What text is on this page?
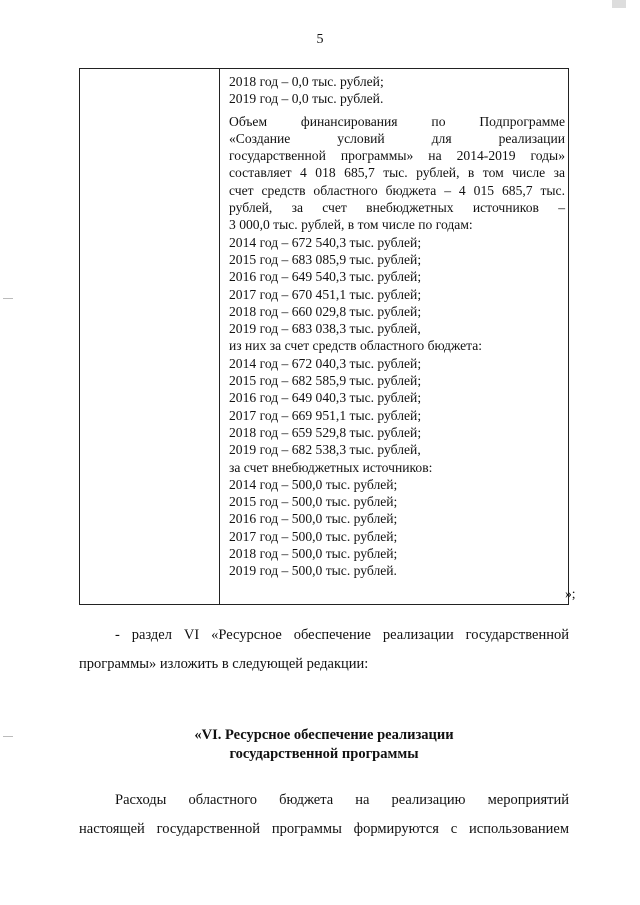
5
2018 год – 0,0 тыс. рублей;
2019 год – 0,0 тыс. рублей.
Объем финансирования по Подпрограмме
«Создание условий для реализации
государственной программы» на 2014-2019 годы»
составляет 4 018 685,7 тыс. рублей, в том числе за
счет средств областного бюджета – 4 015 685,7 тыс.
рублей, за счет внебюджетных источников –
3 000,0 тыс. рублей, в том числе по годам:
2014 год – 672 540,3 тыс. рублей;
2015 год – 683 085,9 тыс. рублей;
2016 год – 649 540,3 тыс. рублей;
2017 год – 670 451,1 тыс. рублей;
2018 год – 660 029,8 тыс. рублей;
2019 год – 683 038,3 тыс. рублей,
из них за счет средств областного бюджета:
2014 год – 672 040,3 тыс. рублей;
2015 год – 682 585,9 тыс. рублей;
2016 год – 649 040,3 тыс. рублей;
2017 год – 669 951,1 тыс. рублей;
2018 год – 659 529,8 тыс. рублей;
2019 год – 682 538,3 тыс. рублей,
за счет внебюджетных источников:
2014 год – 500,0 тыс. рублей;
2015 год – 500,0 тыс. рублей;
2016 год – 500,0 тыс. рублей;
2017 год – 500,0 тыс. рублей;
2018 год – 500,0 тыс. рублей;
2019 год – 500,0 тыс. рублей.
»;
- раздел VI «Ресурсное обеспечение реализации государственной
программы» изложить в следующей редакции:
«VI. Ресурсное обеспечение реализации
государственной программы
Расходы областного бюджета на реализацию мероприятий
настоящей государственной программы формируются с использованием
